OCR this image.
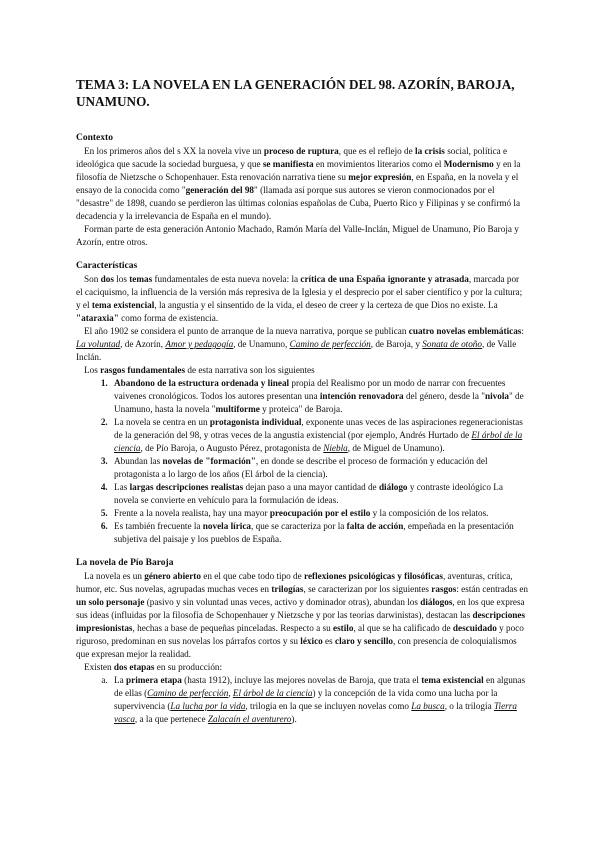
TEMA 3: LA NOVELA EN LA GENERACIÓN DEL 98. AZORÍN, BAROJA, UNAMUNO.
Contexto

En los primeros años del s XX la novela vive un proceso de ruptura, que es el reflejo de la crisis social, política e ideológica que sacude la sociedad burguesa, y que se manifiesta en movimientos literarios como el Modernismo y en la filosofía de Nietzsche o Schopenhauer. Esta renovación narrativa tiene su mejor expresión, en España, en la novela y el ensayo de la conocida como "generación del 98" (llamada así porque sus autores se vieron conmocionados por el "desastre" de 1898, cuando se perdieron las últimas colonias españolas de Cuba, Puerto Rico y Filipinas y se confirmó la decadencia y la irrelevancia de España en el mundo).

Forman parte de esta generación Antonio Machado, Ramón María del Valle-Inclán, Miguel de Unamuno, Pío Baroja y Azorín, entre otros.

Características

Son dos los temas fundamentales de esta nueva novela: la crítica de una España ignorante y atrasada, marcada por el caciquismo, la influencia de la versión más represiva de la Iglesia y el desprecio por el saber científico y por la cultura; y el tema existencial, la angustia y el sinsentido de la vida, el deseo de creer y la certeza de que Dios no existe. La "ataraxia" como forma de existencia.

El año 1902 se considera el punto de arranque de la nueva narrativa, porque se publican cuatro novelas emblemáticas: La voluntad, de Azorín, Amor y pedagogía, de Unamuno, Camino de perfección, de Baroja, y Sonata de otoño, de Valle Inclán.

Los rasgos fundamentales de esta narrativa son los siguientes

1. Abandono de la estructura ordenada y lineal propia del Realismo por un modo de narrar con frecuentes vaivenes cronológicos. Todos los autores presentan una intención renovadora del género, desde la "nivola" de Unamuno, hasta la novela "multiforme y proteica" de Baroja.
2. La novela se centra en un protagonista individual, exponente unas veces de las aspiraciones regeneracionistas de la generación del 98, y otras veces de la angustia existencial (por ejemplo, Andrés Hurtado de El árbol de la ciencia, de Pío Baroja, o Augusto Pérez, protagonista de Niebla, de Miguel de Unamuno).
3. Abundan las novelas de "formación", en donde se describe el proceso de formación y educación del protagonista a lo largo de los años (El árbol de la ciencia).
4. Las largas descripciones realistas dejan paso a una mayor cantidad de diálogo y contraste ideológico La novela se convierte en vehículo para la formulación de ideas.
5. Frente a la novela realista, hay una mayor preocupación por el estilo y la composición de los relatos.
6. Es también frecuente la novela lírica, que se caracteriza por la falta de acción, empeñada en la presentación subjetiva del paisaje y los pueblos de España.
La novela de Pío Baroja

La novela es un género abierto en el que cabe todo tipo de reflexiones psicológicas y filosóficas, aventuras, crítica, humor, etc. Sus novelas, agrupadas muchas veces en trilogías, se caracterizan por los siguientes rasgos: están centradas en un solo personaje (pasivo y sin voluntad unas veces, activo y dominador otras), abundan los diálogos, en los que expresa sus ideas (influidas por la filosofía de Schopenhauer y Nietzsche y por las teorías darwinistas), destacan las descripciones impresionistas, hechas a base de pequeñas pinceladas. Respecto a su estilo, al que se ha calificado de descuidado y poco riguroso, predominan en sus novelas los párrafos cortos y su léxico es claro y sencillo, con presencia de coloquialismos que expresan mejor la realidad.

Existen dos etapas en su producción:

a. La primera etapa (hasta 1912), incluye las mejores novelas de Baroja, que trata el tema existencial en algunas de ellas (Camino de perfección, El árbol de la ciencia) y la concepción de la vida como una lucha por la supervivencia (La lucha por la vida, trilogía en la que se incluyen novelas como La busca, o la trilogía Tierra vasca, a la que pertenece Zalacaín el aventurero).
